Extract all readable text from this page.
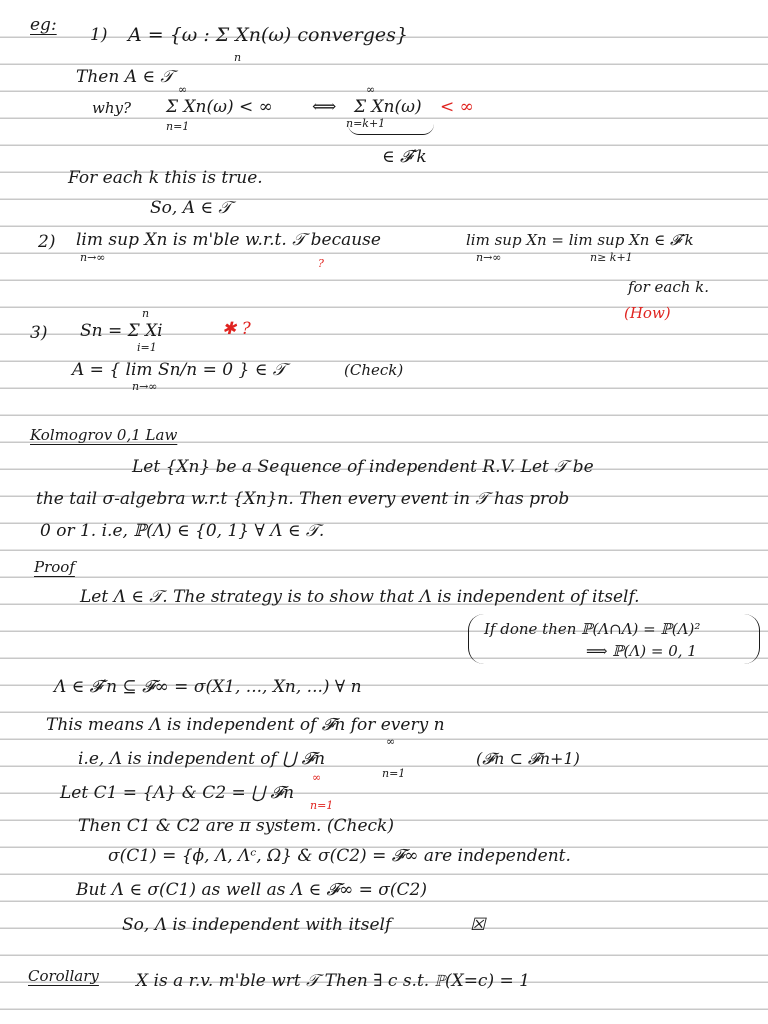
eg: 1) A = {ω : Σ Xn(ω) converges}
n
Then A ∈ 𝒯
why?
∞
Σ Xn(ω) < ∞
n=1
⟺
∞
Σ Xn(ω) < ∞
n=k+1
∈ 𝓕′k
For each k this is true.
So, A ∈ 𝒯
2) lim sup Xn is m'ble w.r.t. 𝒯 because
n→∞	?
lim sup Xn = lim sup Xn ∈ 𝓕′k
n→∞	n≥ k+1
for each k.
(How)
3)
n
Sn = Σ Xi
i=1
✱ ?
A = { lim Sn/n = 0 } ∈ 𝒯
n→∞
(Check)
Kolmogrov 0,1 Law
Let {Xn} be a Sequence of independent R.V. Let 𝒯 be
the tail σ-algebra w.r.t {Xn}n. Then every event in 𝒯 has prob
0 or 1. i.e, ℙ(Λ) ∈ {0, 1} ∀ Λ ∈ 𝒯.
Proof
Let Λ ∈ 𝒯. The strategy is to show that Λ is independent of itself.
If done then ℙ(Λ∩Λ) = ℙ(Λ)²
⟹ ℙ(Λ) = 0, 1
Λ ∈ 𝓕′n ⊆ 𝓕∞ = σ(X1, ..., Xn, ...) ∀ n
This means Λ is independent of 𝓕n for every n
∞
i.e, Λ is independent of ⋃ 𝓕n
n=1
(𝓕n ⊂ 𝓕n+1)
∞
Let C1 = {Λ} & C2 = ⋃ 𝓕n
n=1
Then C1 & C2 are π system. (Check)
σ(C1) = {ϕ, Λ, Λᶜ, Ω} & σ(C2) = 𝓕∞ are independent.
But Λ ∈ σ(C1) as well as Λ ∈ 𝓕∞ = σ(C2)
So, Λ is independent with itself	☒
Corollary X is a r.v. m'ble wrt 𝒯 Then ∃ c s.t. ℙ(X=c) = 1
